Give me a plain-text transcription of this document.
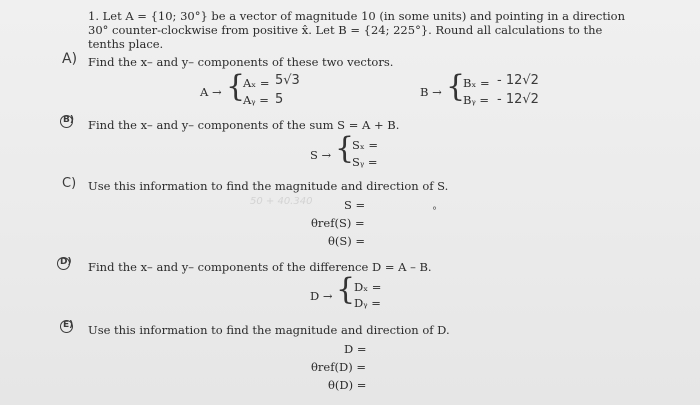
1. Let A = {10; 30°} be a vector of magnitude 10 (in some units) and pointing in a direction
30° counter-clockwise from positive x̂. Let B = {24; 225°}. Round all calculations to the
tenths place.
A) Find the x– and y– components of these two vectors.
A → {
Aₓ = 5√3
Aᵧ = 5	B → {
Bₓ = - 12√2
Bᵧ = - 12√2
B) Find the x– and y– components of the sum S = A + B.
S → {
Sₓ =
Sᵧ =
C) Use this information to find the magnitude and direction of S.
50 + 40.340
°
S =
θref(S) =
θ(S) =
D) Find the x– and y– components of the difference D = A – B.
D → {
Dₓ =
Dᵧ =
E) Use this information to find the magnitude and direction of D.
D =
θref(D) =
θ(D) =
